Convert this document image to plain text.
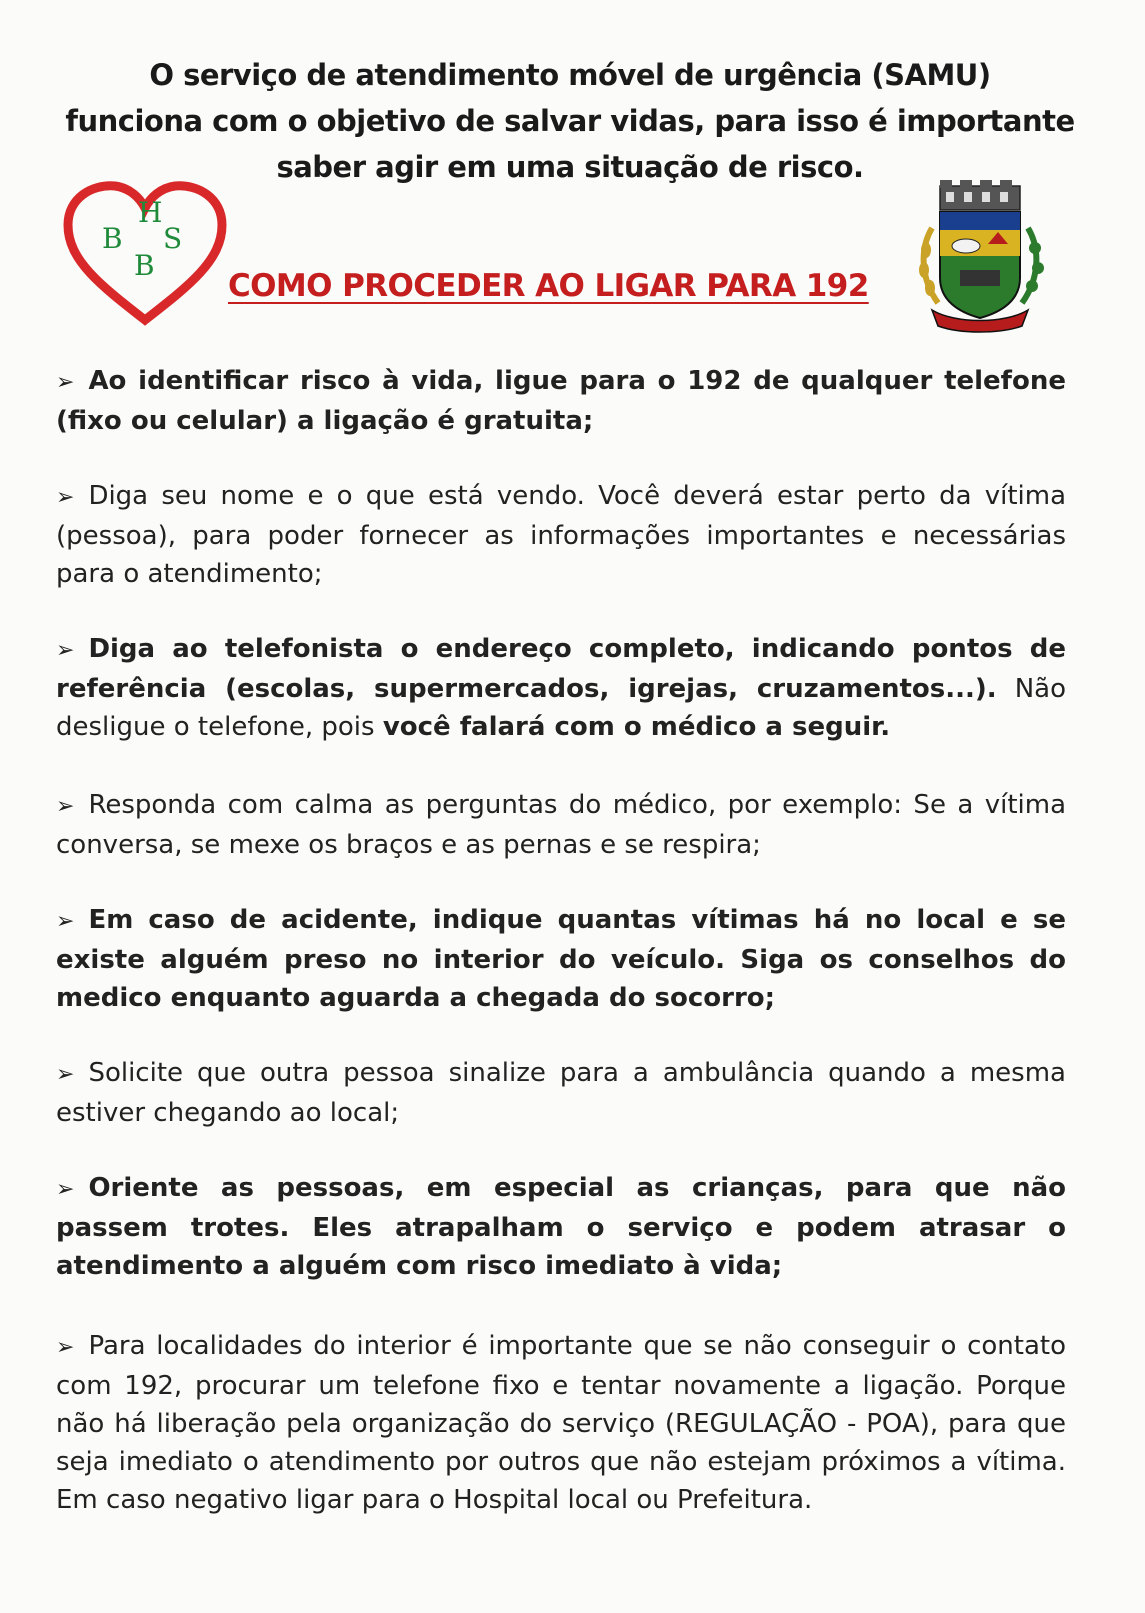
O serviço de atendimento móvel de urgência (SAMU)
funciona com o objetivo de salvar vidas, para isso é importante
saber agir em uma situação de risco.

H
B S
B
COMO PROCEDER AO LIGAR PARA 192
➢ Ao identificar risco à vida, ligue para o 192 de qualquer telefone (fixo ou celular) a ligação é gratuita;
➢ Diga seu nome e o que está vendo. Você deverá estar perto da vítima (pessoa), para poder fornecer as informações importantes e necessárias para o atendimento;
➢ Diga ao telefonista o endereço completo, indicando pontos de referência (escolas, supermercados, igrejas, cruzamentos...). Não desligue o telefone, pois você falará com o médico a seguir.
➢ Responda com calma as perguntas do médico, por exemplo: Se a vítima conversa, se mexe os braços e as pernas e se respira;
➢ Em caso de acidente, indique quantas vítimas há no local e se existe alguém preso no interior do veículo. Siga os conselhos do medico enquanto aguarda a chegada do socorro;
➢ Solicite que outra pessoa sinalize para a ambulância quando a mesma estiver chegando ao local;
➢ Oriente as pessoas, em especial as crianças, para que não passem trotes. Eles atrapalham o serviço e podem atrasar o atendimento a alguém com risco imediato à vida;
➢ Para localidades do interior é importante que se não conseguir o contato com 192, procurar um telefone fixo e tentar novamente a ligação. Porque não há liberação pela organização do serviço (REGULAÇÃO - POA), para que seja imediato o atendimento por outros que não estejam próximos a vítima. Em caso negativo ligar para o Hospital local ou Prefeitura.
